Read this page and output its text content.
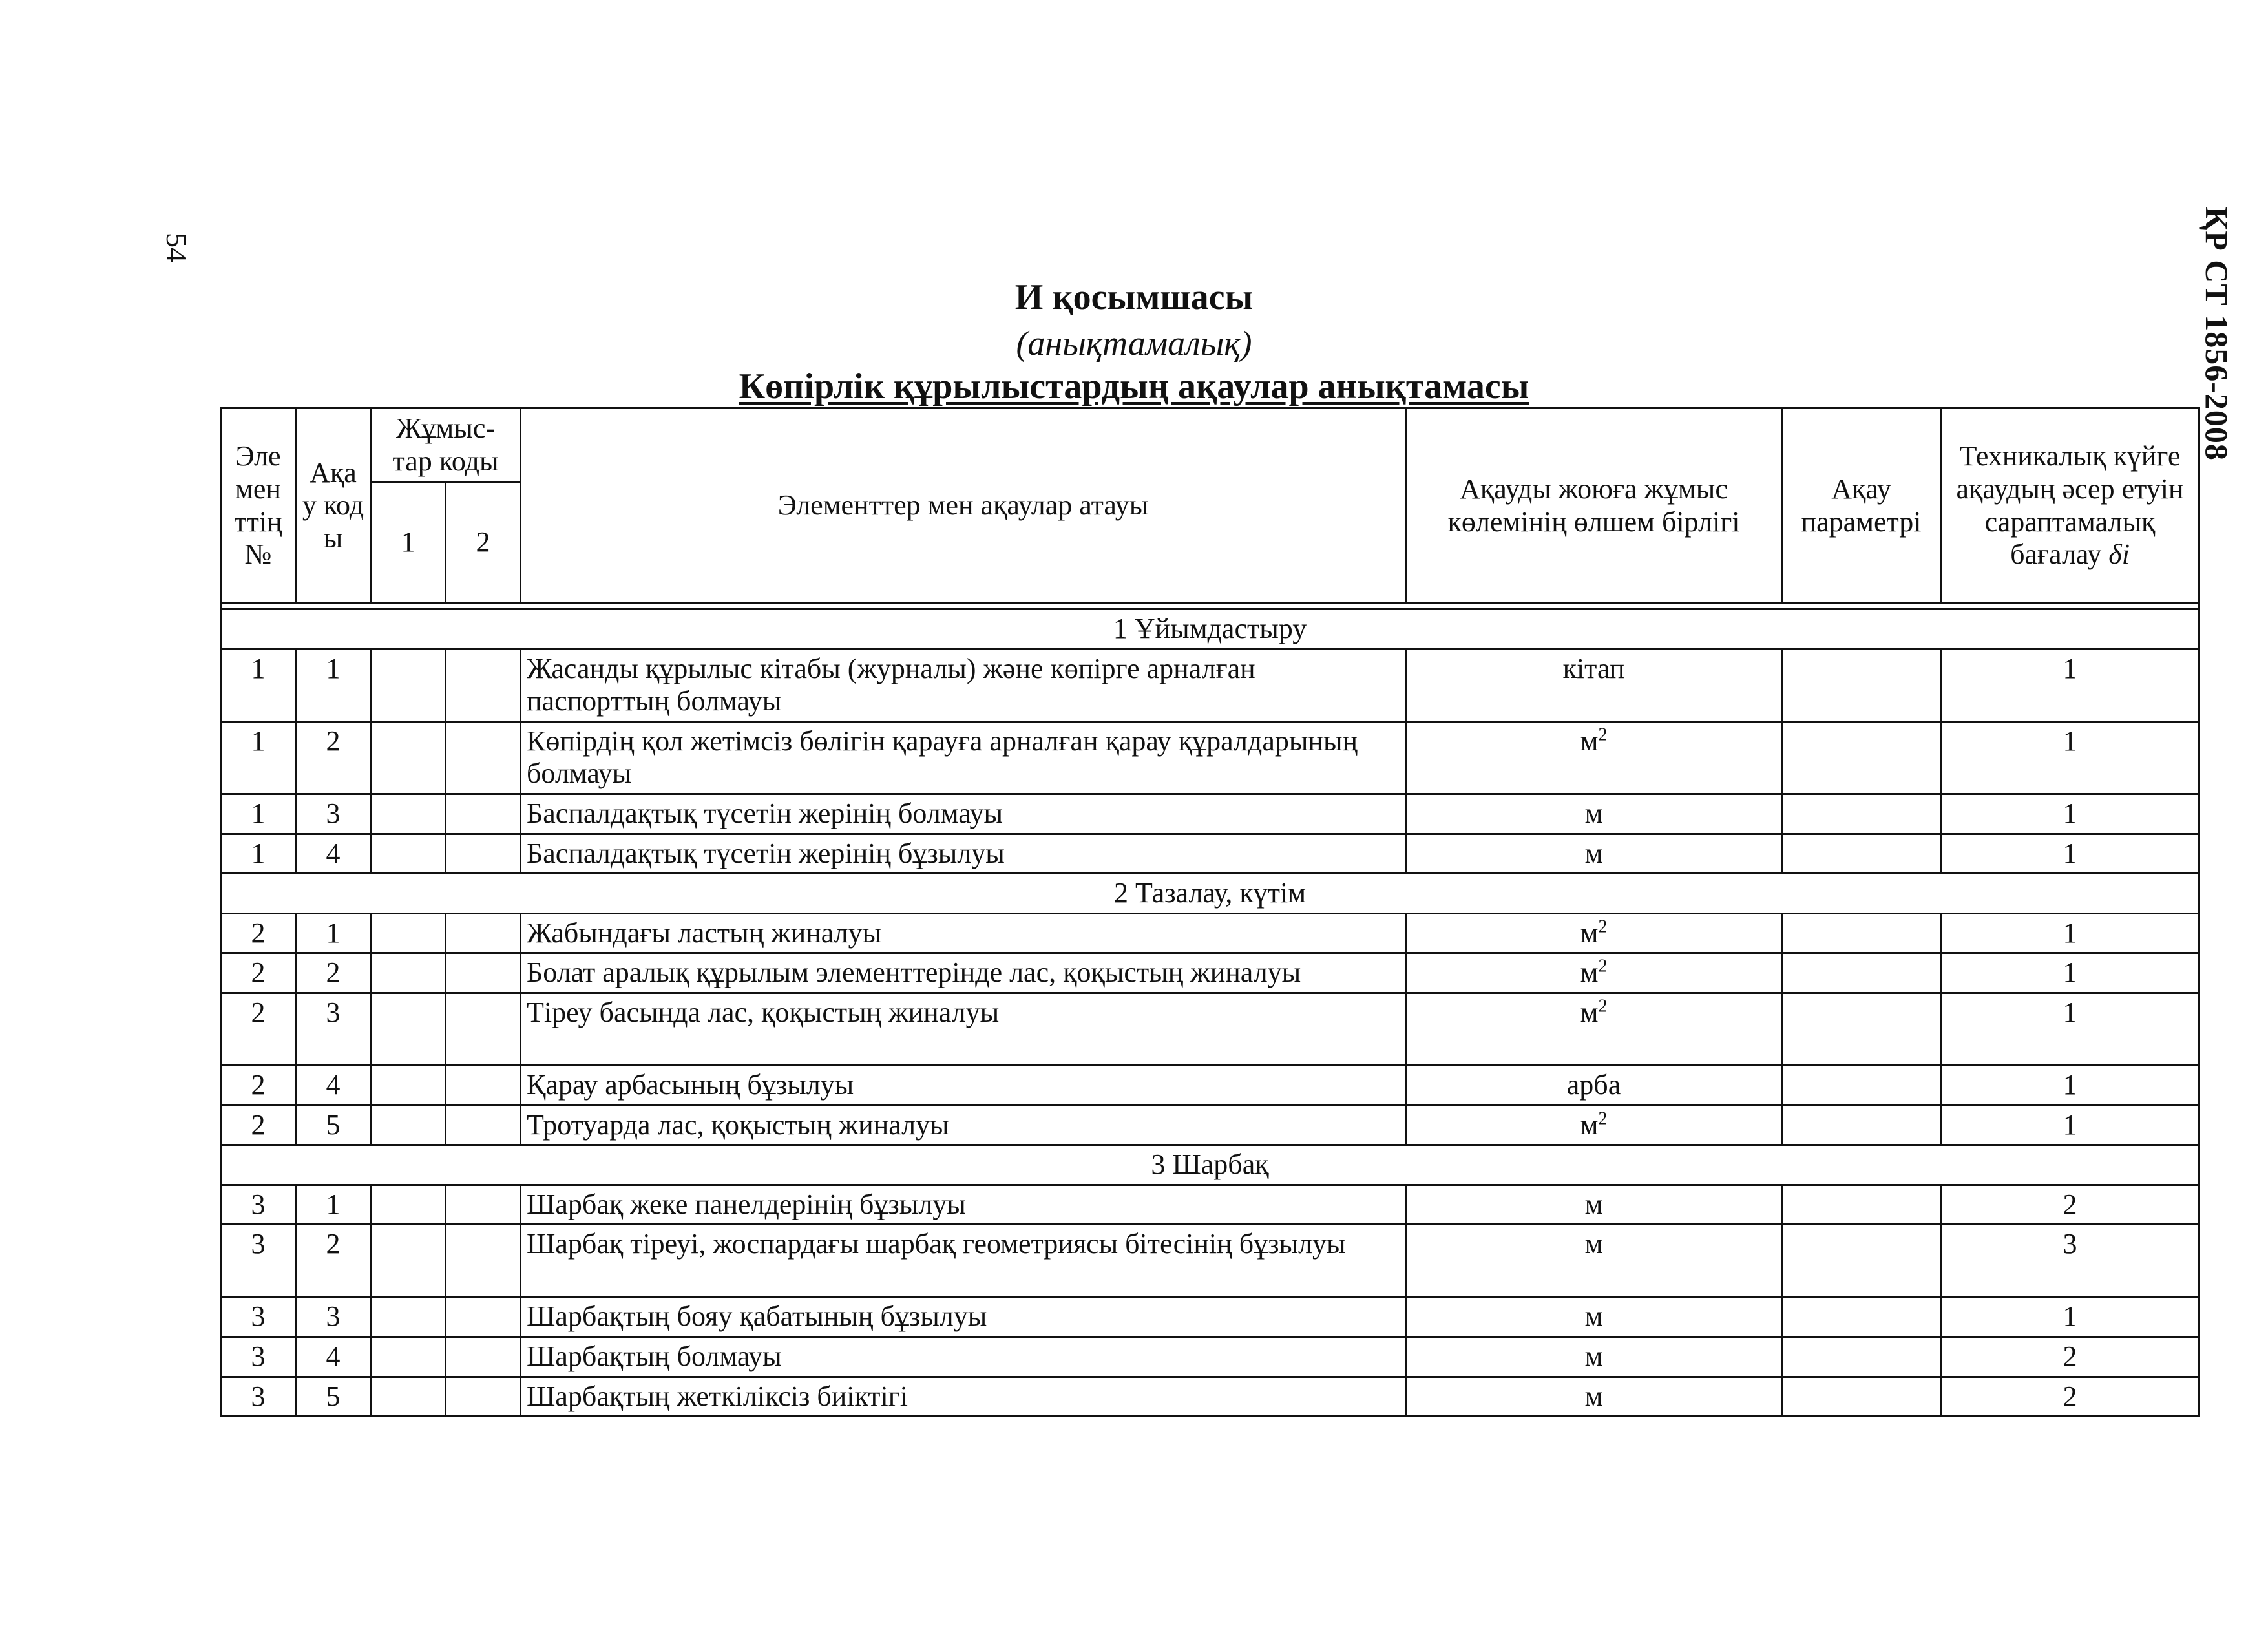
54	ҚР СТ 1856-2008
И қосымшасы
(анықтамалық)
Көпірлік құрылыстардың ақаулар анықтамасы
Эле мен ттің №	Ақа у код ы	Жұмыс-тар коды		Элементтер мен ақаулар атауы	Ақауды жоюға жұмыс көлемінің өлшем бірлігі	Ақау параметрі	Техникалық күйге ақаудың әсер етуін сараптамалық бағалау δi
		1	2				

1 Ұйымдастыру							
1	1			Жасанды құрылыс кітабы (журналы) және көпірге арналған паспорттың болмауы	кітап		1
1	2			Көпірдің қол жетімсіз бөлігін қарауға арналған қарау құралдарының болмауы	$м^2$		1
1	3			Баспалдақтық түсетін жерінің болмауы	м		1
1	4			Баспалдақтық түсетін жерінің бұзылуы	м		1
2 Тазалау, күтім							
2	1			Жабындағы ластың жиналуы	$м^2$		1
2	2			Болат аралық құрылым элементтерінде лас, қоқыстың жиналуы	$м^2$		1
2	3			Тіреу басында лас, қоқыстың жиналуы	$м^2$		1
2	4			Қарау арбасының бұзылуы	арба		1
2	5			Тротуарда лас, қоқыстың жиналуы	$м^2$		1
3 Шарбақ							
3	1			Шарбақ жеке панелдерінің бұзылуы	м		2
3	2			Шарбақ тіреуі, жоспардағы шарбақ геометриясы бітесінің бұзылуы	м		3
3	3			Шарбақтың бояу қабатының бұзылуы	м		1
3	4			Шарбақтың болмауы	м		2
3	5			Шарбақтың жеткіліксіз биіктігі	м		2
